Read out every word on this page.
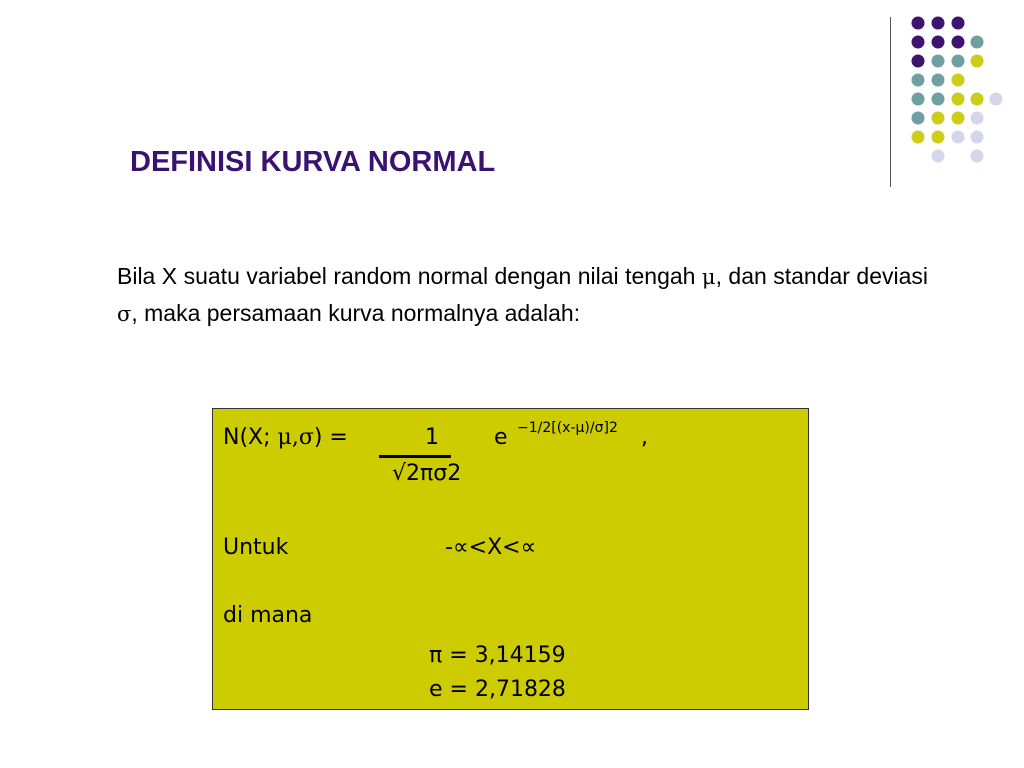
DEFINISI KURVA NORMAL
Bila X suatu variabel random normal dengan nilai tengah μ, dan standar deviasi σ, maka persamaan kurva normalnya adalah:
N(X; μ,σ) =	1	e −1/2[(x-μ)/σ]2 ,
√2πσ2
Untuk	-∝<X<∝
di mana
π = 3,14159
e = 2,71828
